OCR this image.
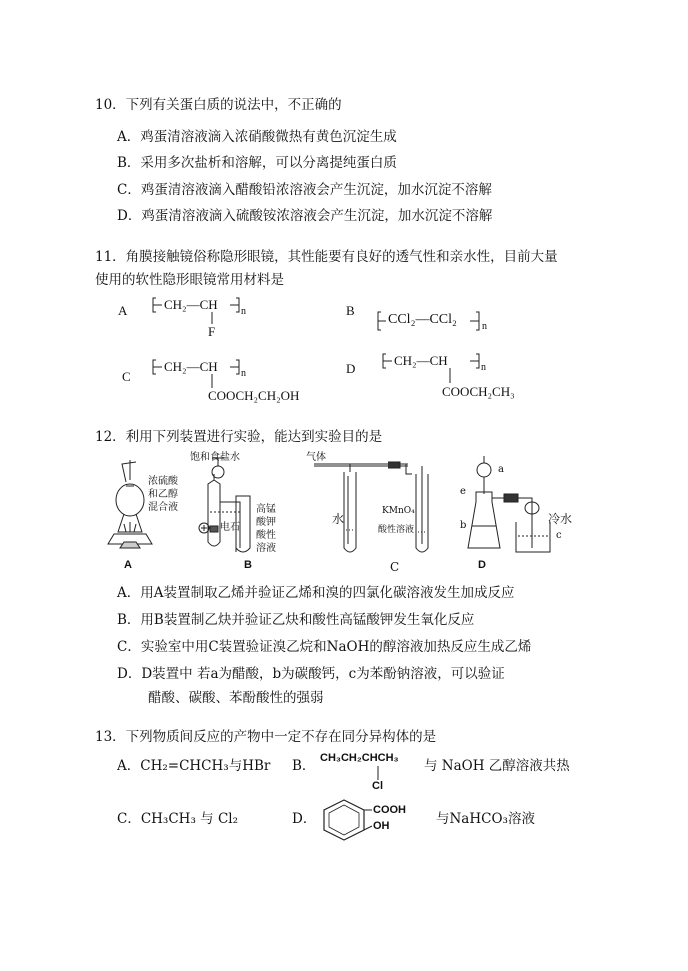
10．下列有关蛋白质的说法中，不正确的
A．鸡蛋清溶液滴入浓硝酸微热有黄色沉淀生成
B．采用多次盐析和溶解，可以分离提纯蛋白质
C．鸡蛋清溶液滴入醋酸铅浓溶液会产生沉淀，加水沉淀不溶解
D．鸡蛋清溶液滴入硫酸铵浓溶液会产生沉淀，加水沉淀不溶解
11．角膜接触镜俗称隐形眼镜，其性能要有良好的透气性和亲水性，目前大量
使用的软性隐形眼镜常用材料是
A	CH₂—CH n
F
B
CCl₂—CCl₂	n
C
CH₂—CH n
COOCH₂CH₂OH
D
CH₂—CH	n
COOCH₂CH₃
12．利用下列装置进行实验，能达到实验目的是
浓硫酸
和乙醇
混合液
A
饱和食盐水
电石
高锰
酸钾
酸性
溶液
B
气体
水
KMnO₄
酸性溶液
C
a
e
b
c
冷水
D
A．用A装置制取乙烯并验证乙烯和溴的四氯化碳溶液发生加成反应
B．用B装置制乙炔并验证乙炔和酸性高锰酸钾发生氧化反应
C．实验室中用C装置验证溴乙烷和NaOH的醇溶液加热反应生成乙烯
D．D装置中 若a为醋酸，b为碳酸钙，c为苯酚钠溶液，可以验证
醋酸、碳酸、苯酚酸性的强弱
13．下列物质间反应的产物中一定不存在同分异构体的是
A．CH₂=CHCH₃与HBr B． CH₃CH₂CHCH₃
Cl
与 NaOH 乙醇溶液共热
C．CH₃CH₃ 与 Cl₂	D．
COOH
OH	与NaHCO₃溶液
